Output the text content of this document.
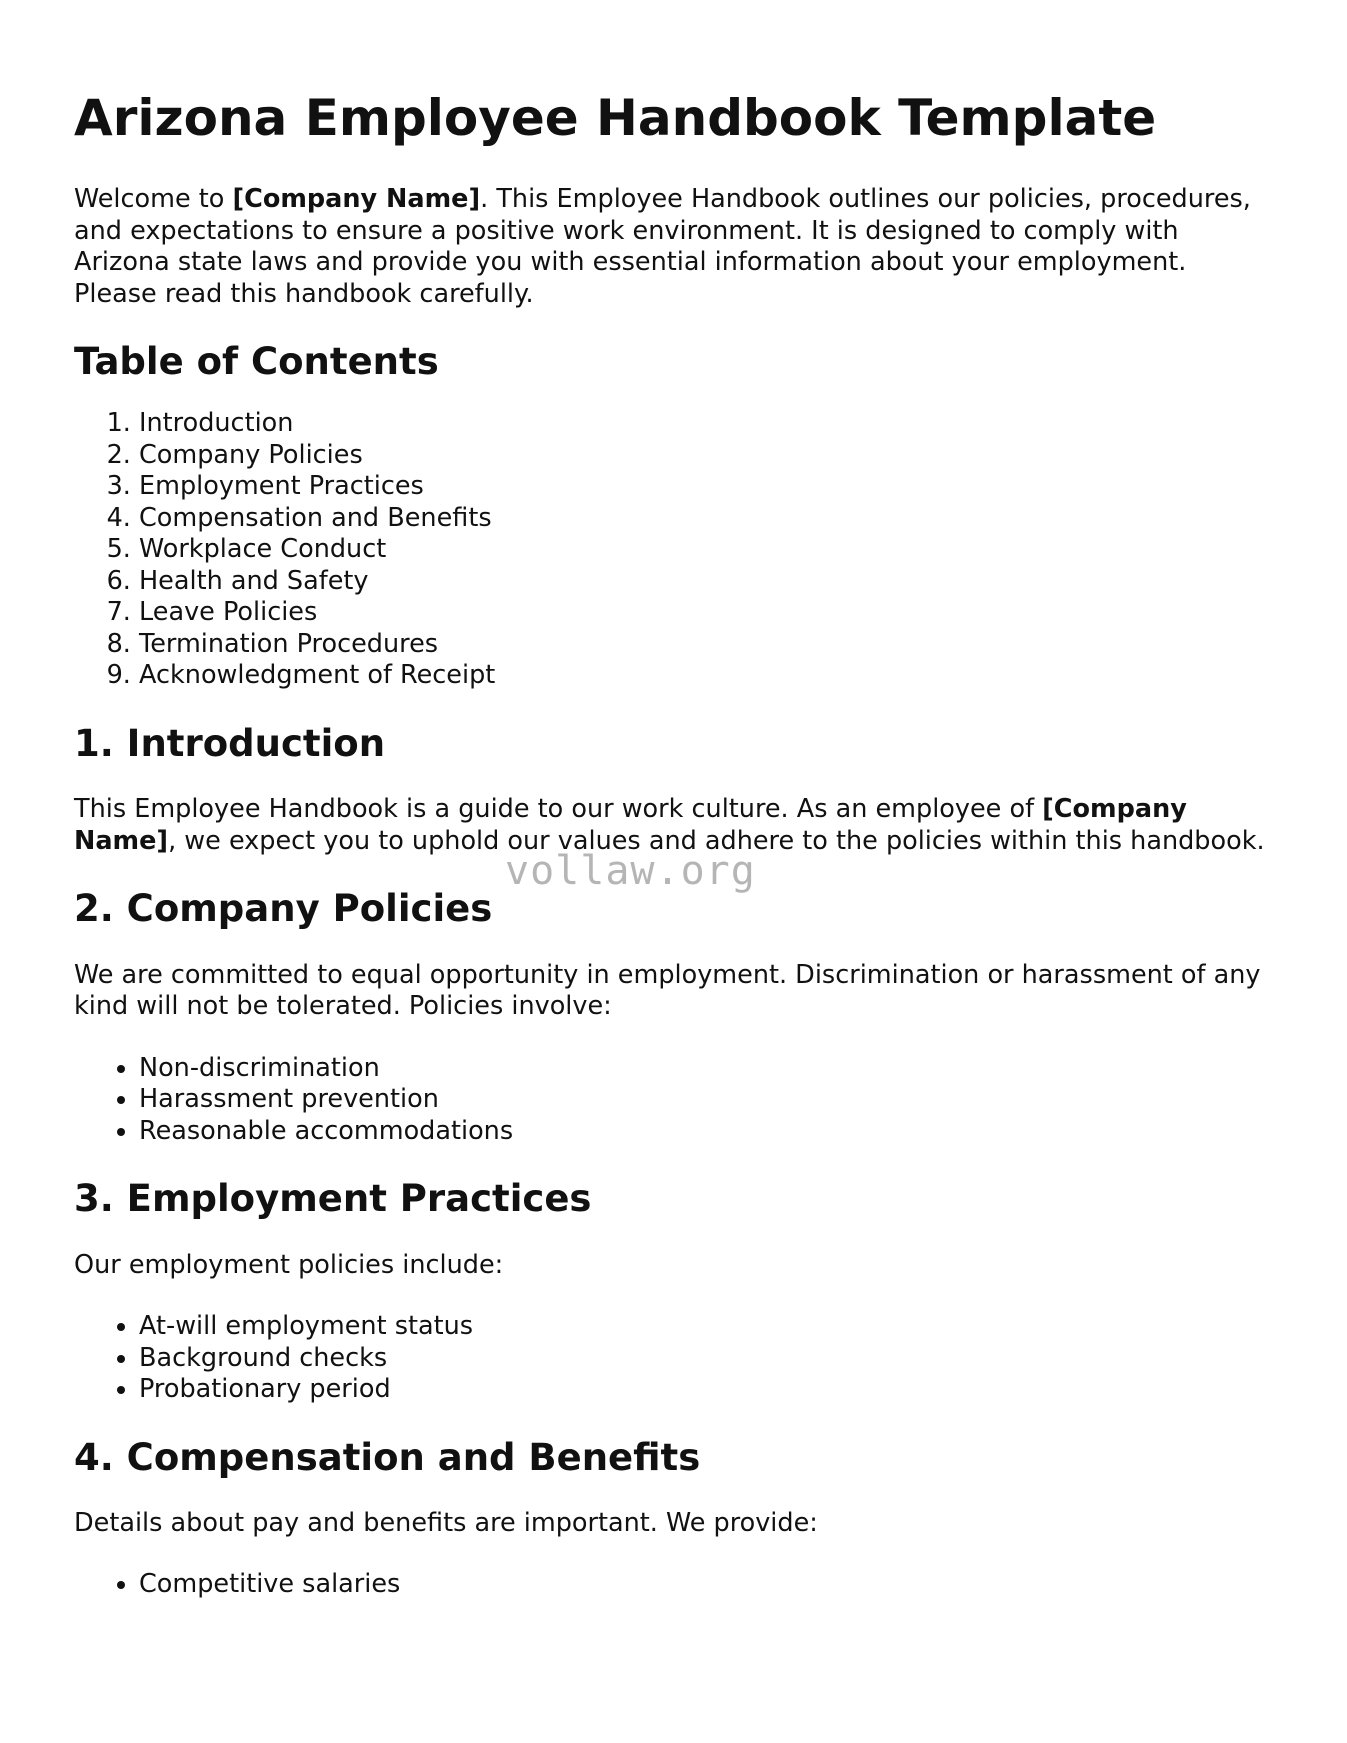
Arizona Employee Handbook Template

Welcome to [Company Name]. This Employee Handbook outlines our policies, procedures, and expectations to ensure a positive work environment. It is designed to comply with Arizona state laws and provide you with essential information about your employment. Please read this handbook carefully.

Table of Contents
1. Introduction
2. Company Policies
3. Employment Practices
4. Compensation and Benefits
5. Workplace Conduct
6. Health and Safety
7. Leave Policies
8. Termination Procedures
9. Acknowledgment of Receipt
1. Introduction

This Employee Handbook is a guide to our work culture. As an employee of [Company Name], we expect you to uphold our values and adhere to the policies within this handbook.

2. Company Policies

We are committed to equal opportunity in employment. Discrimination or harassment of any kind will not be tolerated. Policies involve:

• Non-discrimination
• Harassment prevention
• Reasonable accommodations
3. Employment Practices

Our employment policies include:

• At-will employment status
• Background checks
• Probationary period
4. Compensation and Benefits

Details about pay and benefits are important. We provide:

• Competitive salaries
vollaw.org
